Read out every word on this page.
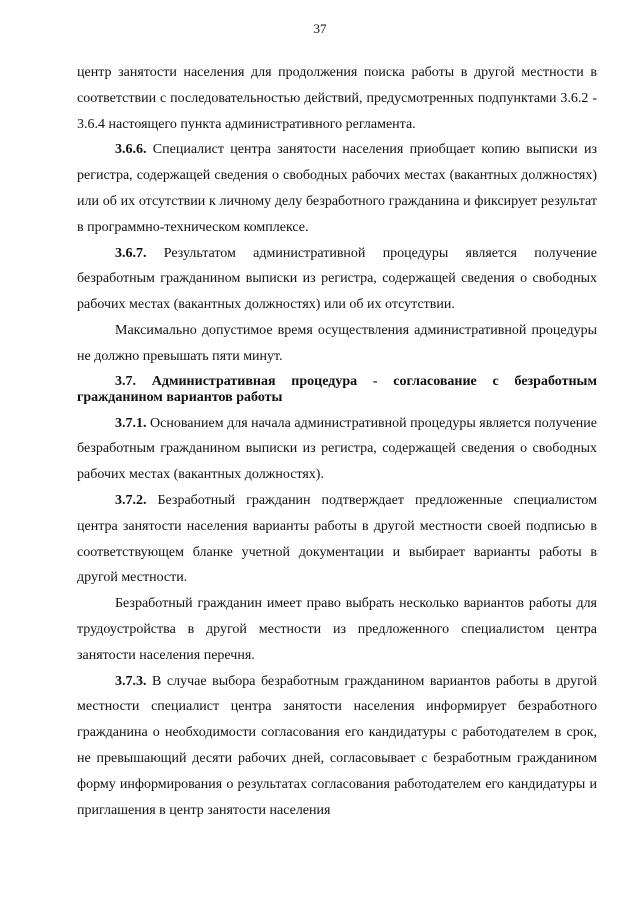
37

центр занятости населения для продолжения поиска работы в другой местности в соответствии с последовательностью действий, предусмотренных подпунктами 3.6.2 - 3.6.4 настоящего пункта административного регламента.

3.6.6. Специалист центра занятости населения приобщает копию выписки из регистра, содержащей сведения о свободных рабочих местах (вакантных должностях) или об их отсутствии к личному делу безработного гражданина и фиксирует результат в программно-техническом комплексе.

3.6.7. Результатом административной процедуры является получение безработным гражданином выписки из регистра, содержащей сведения о свободных рабочих местах (вакантных должностях) или об их отсутствии.

Максимально допустимое время осуществления административной процедуры не должно превышать пяти минут.

3.7. Административная процедура - согласование с безработным гражданином вариантов работы

3.7.1. Основанием для начала административной процедуры является получение безработным гражданином выписки из регистра, содержащей сведения о свободных рабочих местах (вакантных должностях).

3.7.2. Безработный гражданин подтверждает предложенные специалистом центра занятости населения варианты работы в другой местности своей подписью в соответствующем бланке учетной документации и выбирает варианты работы в другой местности.

Безработный гражданин имеет право выбрать несколько вариантов работы для трудоустройства в другой местности из предложенного специалистом центра занятости населения перечня.

3.7.3. В случае выбора безработным гражданином вариантов работы в другой местности специалист центра занятости населения информирует безработного гражданина о необходимости согласования его кандидатуры с работодателем в срок, не превышающий десяти рабочих дней, согласовывает с безработным гражданином форму информирования о результатах согласования работодателем его кандидатуры и приглашения в центр занятости населения
